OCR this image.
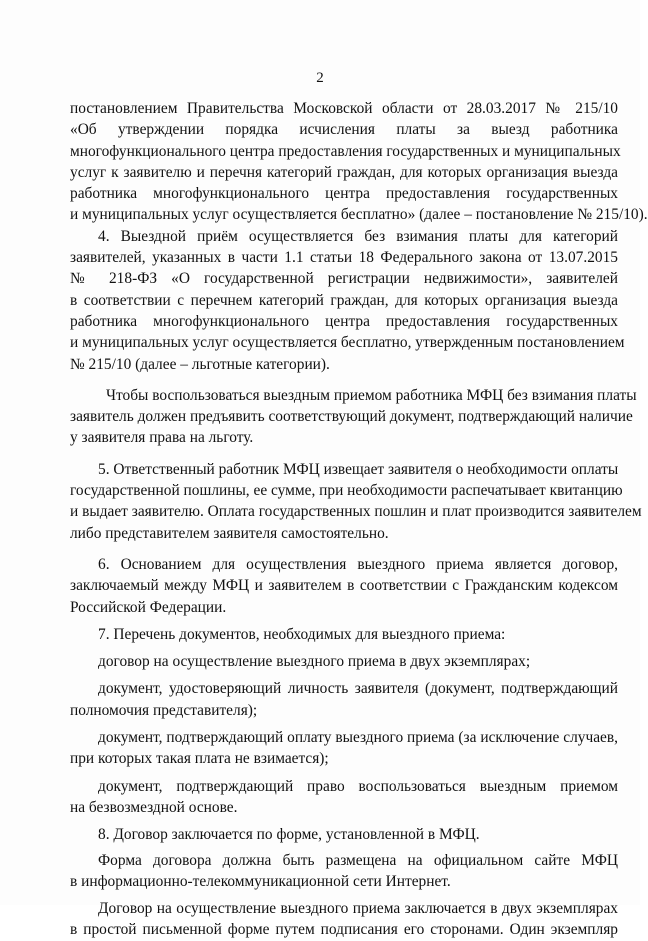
2
постановлением Правительства Московской области от 28.03.2017 № 215/10
«Об утверждении порядка исчисления платы за выезд работника
многофункционального центра предоставления государственных и муниципальных
услуг к заявителю и перечня категорий граждан, для которых организация выезда
работника многофункционального центра предоставления государственных
и муниципальных услуг осуществляется бесплатно» (далее – постановление № 215/10).
4. Выездной приём осуществляется без взимания платы для категорий
заявителей, указанных в части 1.1 статьи 18 Федерального закона от 13.07.2015
№ 218-ФЗ «О государственной регистрации недвижимости», заявителей
в соответствии с перечнем категорий граждан, для которых организация выезда
работника многофункционального центра предоставления государственных
и муниципальных услуг осуществляется бесплатно, утвержденным постановлением
№ 215/10 (далее – льготные категории).
Чтобы воспользоваться выездным приемом работника МФЦ без взимания платы
заявитель должен предъявить соответствующий документ, подтверждающий наличие
у заявителя права на льготу.
5. Ответственный работник МФЦ извещает заявителя о необходимости оплаты
государственной пошлины, ее сумме, при необходимости распечатывает квитанцию
и выдает заявителю. Оплата государственных пошлин и плат производится заявителем
либо представителем заявителя самостоятельно.
6. Основанием для осуществления выездного приема является договор,
заключаемый между МФЦ и заявителем в соответствии с Гражданским кодексом
Российской Федерации.
7. Перечень документов, необходимых для выездного приема:
договор на осуществление выездного приема в двух экземплярах;
документ, удостоверяющий личность заявителя (документ, подтверждающий
полномочия представителя);
документ, подтверждающий оплату выездного приема (за исключение случаев,
при которых такая плата не взимается);
документ, подтверждающий право воспользоваться выездным приемом
на безвозмездной основе.
8. Договор заключается по форме, установленной в МФЦ.
Форма договора должна быть размещена на официальном сайте МФЦ
в информационно-телекоммуникационной сети Интернет.
Договор на осуществление выездного приема заключается в двух экземплярах
в простой письменной форме путем подписания его сторонами. Один экземпляр
